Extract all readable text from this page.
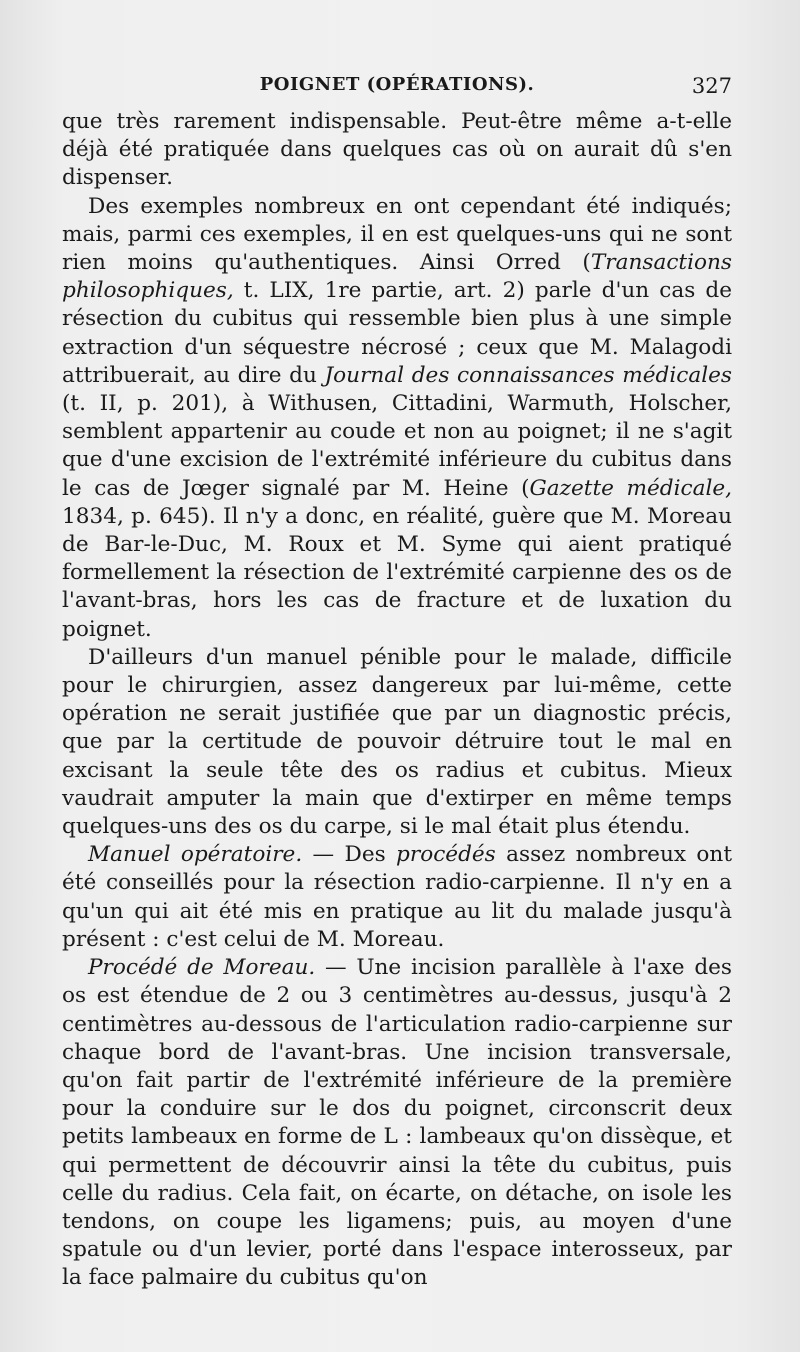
POIGNET (OPÉRATIONS).	327

que très rarement indispensable. Peut-être même a-t-elle déjà été pratiquée dans quelques cas où on aurait dû s'en dispenser.

Des exemples nombreux en ont cependant été indiqués; mais, parmi ces exemples, il en est quelques-uns qui ne sont rien moins qu'authentiques. Ainsi Orred (Transactions philosophiques, t. LIX, 1re partie, art. 2) parle d'un cas de résection du cubitus qui ressemble bien plus à une simple extraction d'un séquestre nécrosé ; ceux que M. Malagodi attribuerait, au dire du Journal des connaissances médicales (t. II, p. 201), à Withusen, Cittadini, Warmuth, Holscher, semblent appartenir au coude et non au poignet; il ne s'agit que d'une excision de l'extrémité inférieure du cubitus dans le cas de Jœger signalé par M. Heine (Gazette médicale, 1834, p. 645). Il n'y a donc, en réalité, guère que M. Moreau de Bar-le-Duc, M. Roux et M. Syme qui aient pratiqué formellement la résection de l'extrémité carpienne des os de l'avant-bras, hors les cas de fracture et de luxation du poignet.

D'ailleurs d'un manuel pénible pour le malade, difficile pour le chirurgien, assez dangereux par lui-même, cette opération ne serait justifiée que par un diagnostic précis, que par la certitude de pouvoir détruire tout le mal en excisant la seule tête des os radius et cubitus. Mieux vaudrait amputer la main que d'extirper en même temps quelques-uns des os du carpe, si le mal était plus étendu.

Manuel opératoire. — Des procédés assez nombreux ont été conseillés pour la résection radio-carpienne. Il n'y en a qu'un qui ait été mis en pratique au lit du malade jusqu'à présent : c'est celui de M. Moreau.

Procédé de Moreau. — Une incision parallèle à l'axe des os est étendue de 2 ou 3 centimètres au-dessus, jusqu'à 2 centimètres au-dessous de l'articulation radio-carpienne sur chaque bord de l'avant-bras. Une incision transversale, qu'on fait partir de l'extrémité inférieure de la première pour la conduire sur le dos du poignet, circonscrit deux petits lambeaux en forme de L : lambeaux qu'on dissèque, et qui permettent de découvrir ainsi la tête du cubitus, puis celle du radius. Cela fait, on écarte, on détache, on isole les tendons, on coupe les ligamens; puis, au moyen d'une spatule ou d'un levier, porté dans l'espace interosseux, par la face palmaire du cubitus qu'on
